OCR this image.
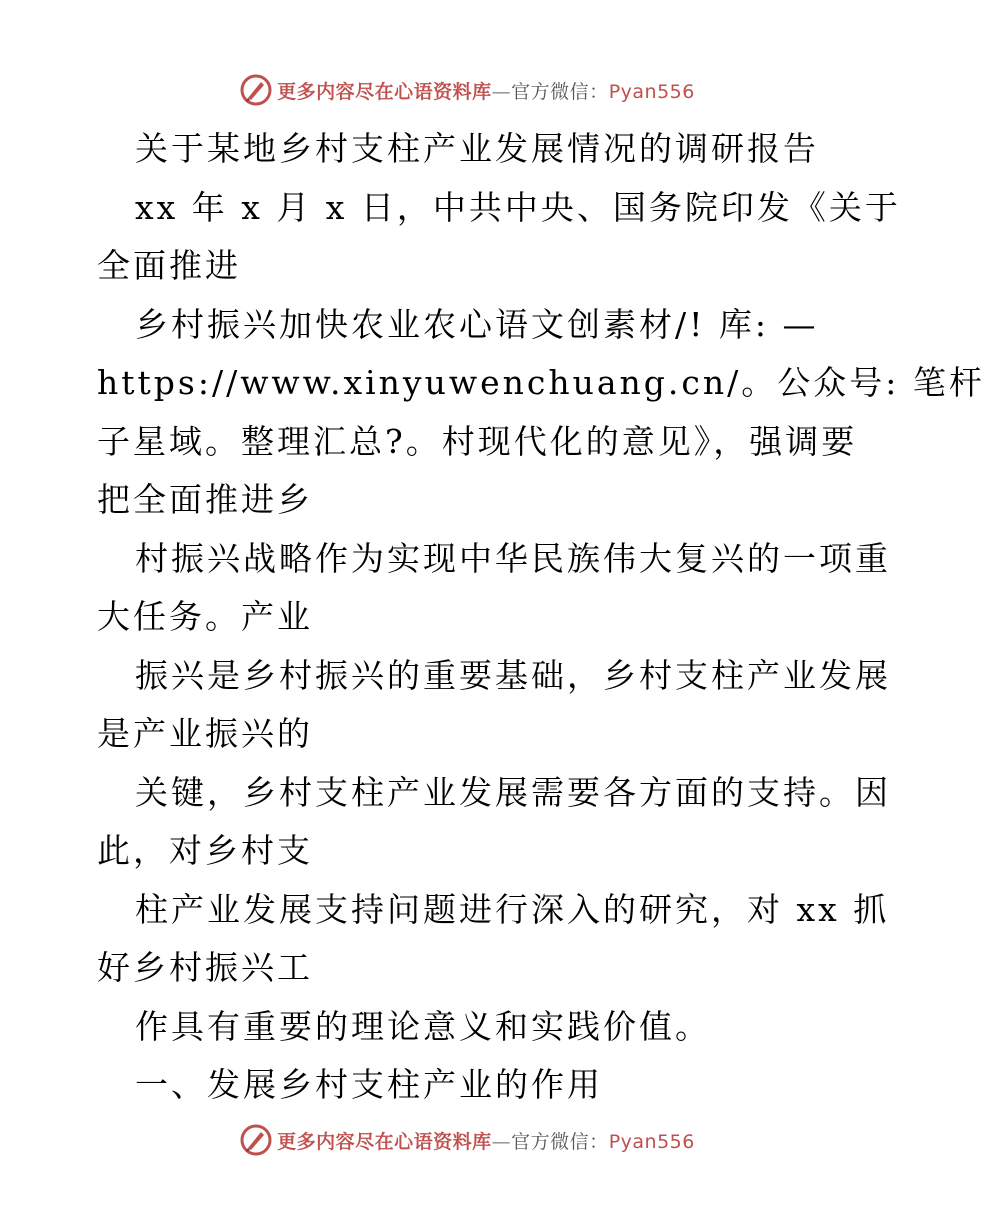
更多内容尽在心语资料库—官方微信：Pyan556

关于某地乡村支柱产业发展情况的调研报告

xx 年 x 月 x 日，中共中央、国务院印发《关于

全面推进

乡村振兴加快农业农心语文创素材/! 库: —

https://www.xinyuwenchuang.cn/。公众号: 笔杆

子星域。整理汇总?。村现代化的意见》，强调要

把全面推进乡

村振兴战略作为实现中华民族伟大复兴的一项重

大任务。产业

振兴是乡村振兴的重要基础，乡村支柱产业发展

是产业振兴的

关键，乡村支柱产业发展需要各方面的支持。因

此，对乡村支

柱产业发展支持问题进行深入的研究，对 xx 抓

好乡村振兴工

作具有重要的理论意义和实践价值。

一、发展乡村支柱产业的作用

更多内容尽在心语资料库—官方微信：Pyan556
